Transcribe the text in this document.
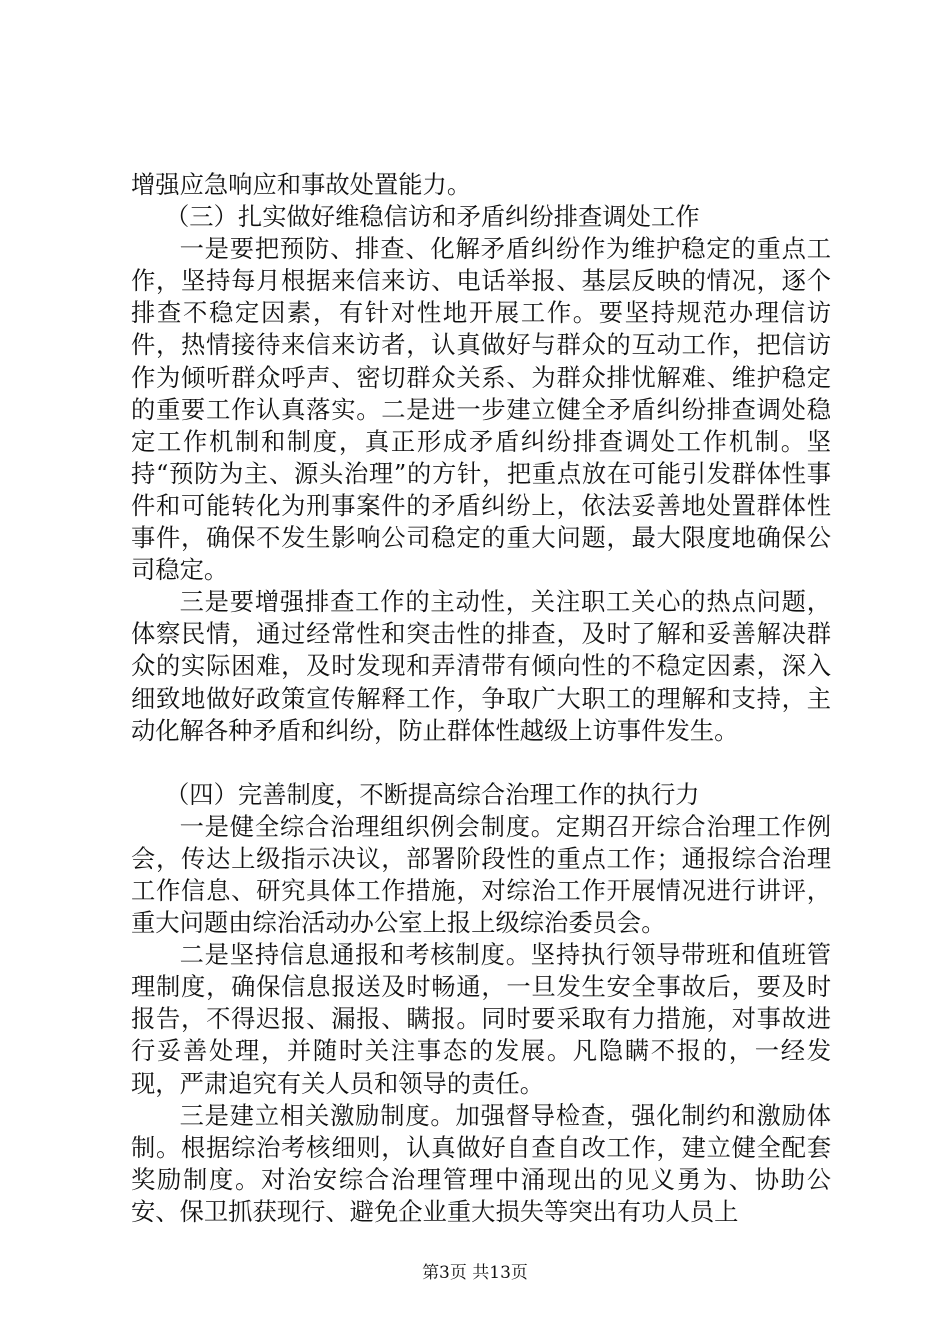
增强应急响应和事故处置能力。

（三）扎实做好维稳信访和矛盾纠纷排查调处工作

一是要把预防、排查、化解矛盾纠纷作为维护稳定的重点工作，坚持每月根据来信来访、电话举报、基层反映的情况，逐个排查不稳定因素，有针对性地开展工作。要坚持规范办理信访件，热情接待来信来访者，认真做好与群众的互动工作，把信访作为倾听群众呼声、密切群众关系、为群众排忧解难、维护稳定的重要工作认真落实。二是进一步建立健全矛盾纠纷排查调处稳定工作机制和制度，真正形成矛盾纠纷排查调处工作机制。坚持“预防为主、源头治理”的方针，把重点放在可能引发群体性事件和可能转化为刑事案件的矛盾纠纷上，依法妥善地处置群体性事件，确保不发生影响公司稳定的重大问题，最大限度地确保公司稳定。

三是要增强排查工作的主动性，关注职工关心的热点问题，体察民情，通过经常性和突击性的排查，及时了解和妥善解决群众的实际困难，及时发现和弄清带有倾向性的不稳定因素，深入细致地做好政策宣传解释工作，争取广大职工的理解和支持，主动化解各种矛盾和纠纷，防止群体性越级上访事件发生。

（四）完善制度，不断提高综合治理工作的执行力

一是健全综合治理组织例会制度。定期召开综合治理工作例会，传达上级指示决议，部署阶段性的重点工作；通报综合治理工作信息、研究具体工作措施，对综治工作开展情况进行讲评，重大问题由综治活动办公室上报上级综治委员会。

二是坚持信息通报和考核制度。坚持执行领导带班和值班管理制度，确保信息报送及时畅通，一旦发生安全事故后，要及时报告，不得迟报、漏报、瞒报。同时要采取有力措施，对事故进行妥善处理，并随时关注事态的发展。凡隐瞒不报的，一经发现，严肃追究有关人员和领导的责任。

三是建立相关激励制度。加强督导检查，强化制约和激励体制。根据综治考核细则，认真做好自查自改工作，建立健全配套奖励制度。对治安综合治理管理中涌现出的见义勇为、协助公安、保卫抓获现行、避免企业重大损失等突出有功人员上

第3页 共13页
